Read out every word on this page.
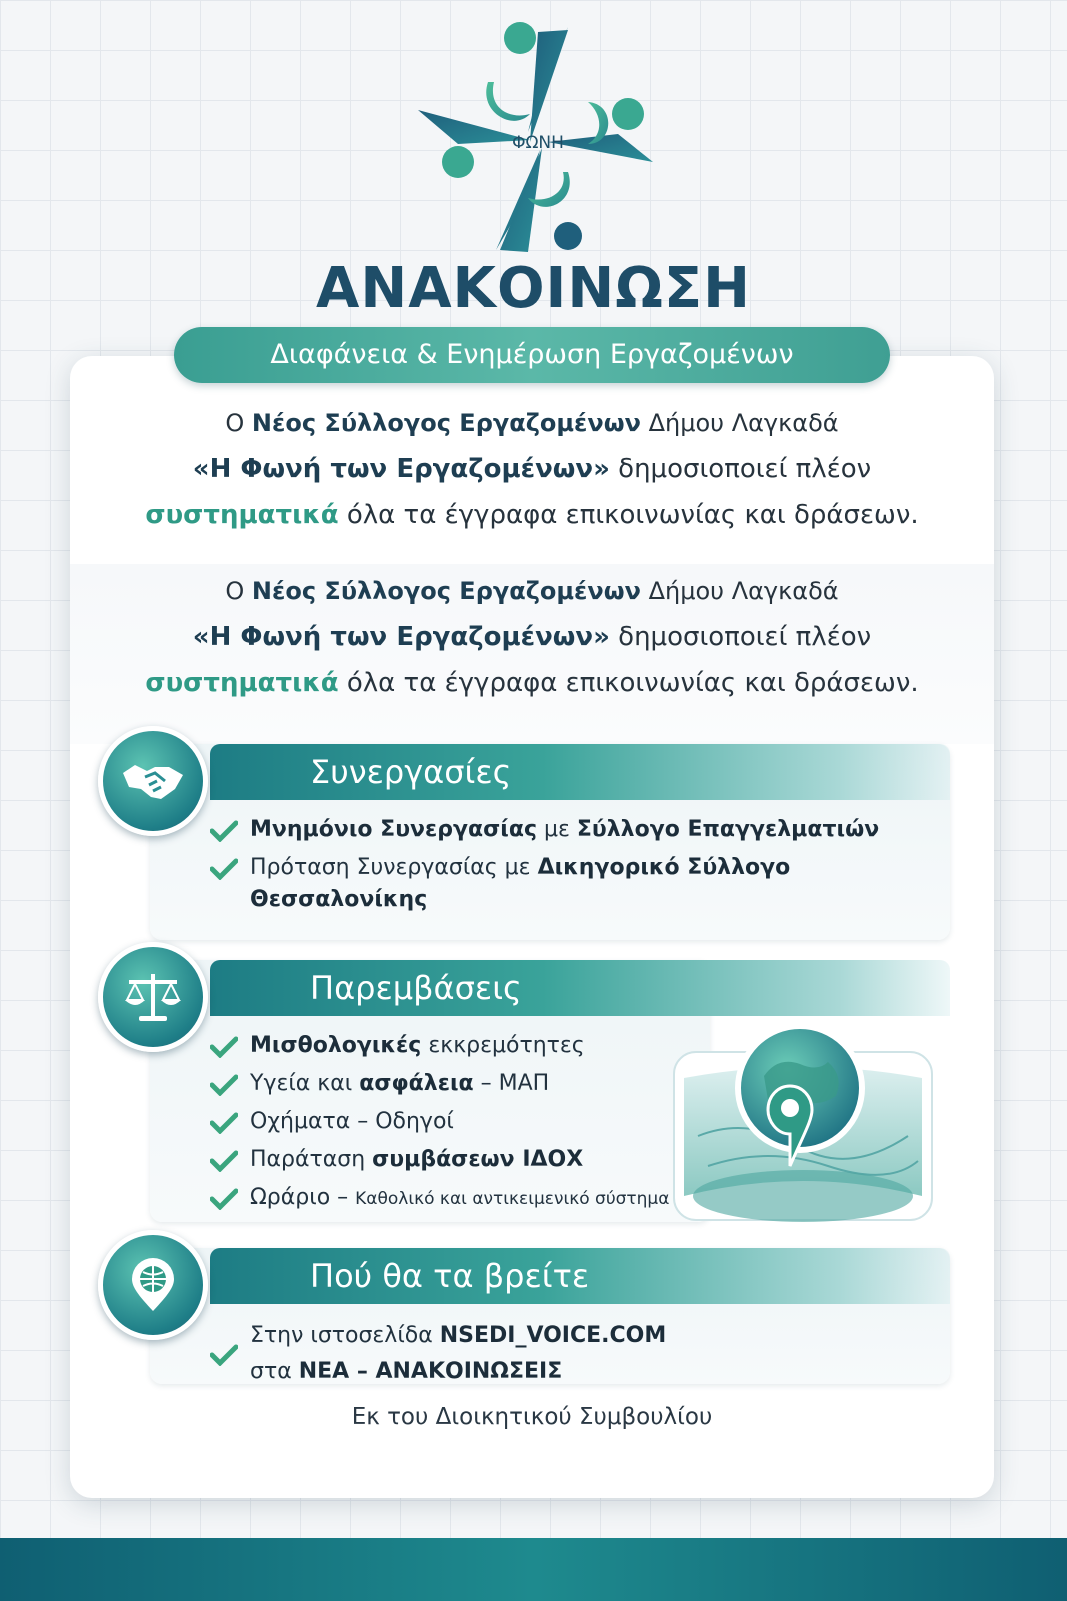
ΦΩΝΗ
ΑΝΑΚΟΙΝΩΣΗ
Διαφάνεια & Ενημέρωση Εργαζομένων
Ο Νέος Σύλλογος Εργαζομένων Δήμου Λαγκαδά
«Η Φωνή των Εργαζομένων» δημοσιοποιεί πλέον
συστηματικά όλα τα έγγραφα επικοινωνίας και δράσεων.
Ο Νέος Σύλλογος Εργαζομένων Δήμου Λαγκαδά
«Η Φωνή των Εργαζομένων» δημοσιοποιεί πλέον
συστηματικά όλα τα έγγραφα επικοινωνίας και δράσεων.
Συνεργασίες
Μνημόνιο Συνεργασίας με Σύλλογο Επαγγελματιών
Πρόταση Συνεργασίας με Δικηγορικό Σύλλογο Θεσσαλονίκης
Παρεμβάσεις
Μισθολογικές εκκρεμότητες
Υγεία και ασφάλεια – ΜΑΠ
Οχήματα – Οδηγοί
Παράταση συμβάσεων ΙΔΟΧ
Ωράριο – Καθολικό και αντικειμενικό σύστημα
Πού θα τα βρείτε
Στην ιστοσελίδα NSEDI_VOICE.COM
στα ΝΕΑ – ΑΝΑΚΟΙΝΩΣΕΙΣ
Εκ του Διοικητικού Συμβουλίου
